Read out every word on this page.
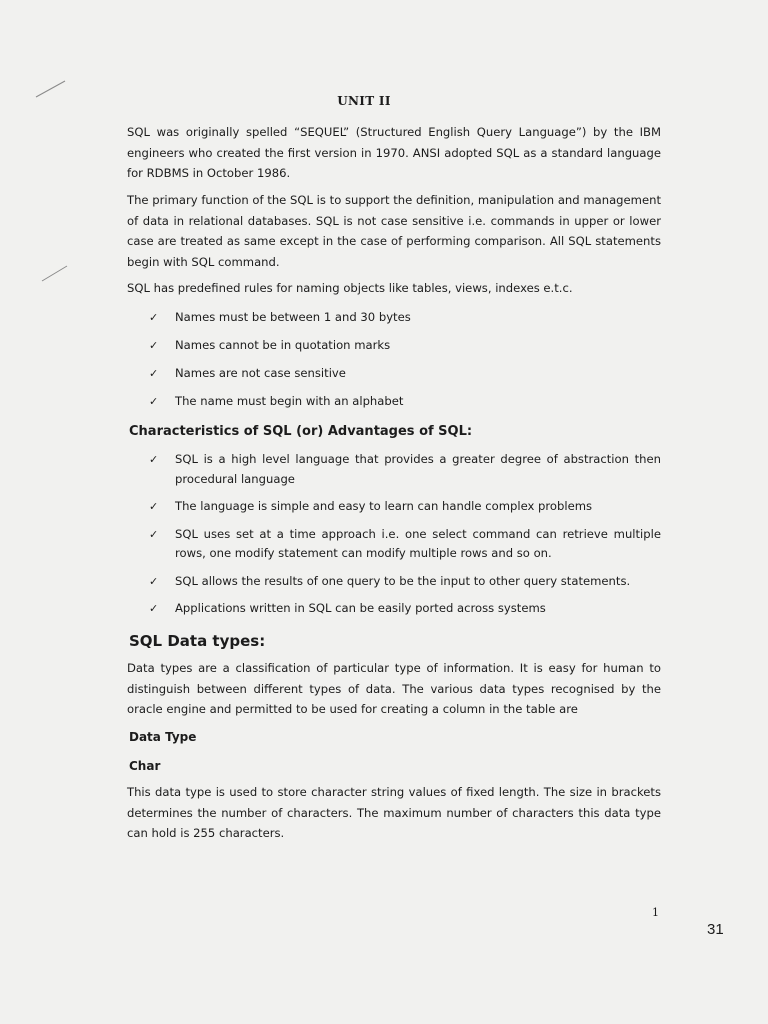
UNIT II

SQL was originally spelled “SEQUEL” (Structured English Query Language”) by the IBM engineers who created the first version in 1970. ANSI adopted SQL as a standard language for RDBMS in October 1986.

The primary function of the SQL is to support the definition, manipulation and management of data in relational databases. SQL is not case sensitive i.e. commands in upper or lower case are treated as same except in the case of performing comparison. All SQL statements begin with SQL command.

SQL has predefined rules for naming objects like tables, views, indexes e.t.c.

✓ Names must be between 1 and 30 bytes
✓ Names cannot be in quotation marks
✓ Names are not case sensitive
✓ The name must begin with an alphabet
Characteristics of SQL (or) Advantages of SQL:
✓ SQL is a high level language that provides a greater degree of abstraction then procedural language
✓ The language is simple and easy to learn can handle complex problems
✓ SQL uses set at a time approach i.e. one select command can retrieve multiple rows, one modify statement can modify multiple rows and so on.
✓ SQL allows the results of one query to be the input to other query statements.
✓ Applications written in SQL can be easily ported across systems
SQL Data types:

Data types are a classification of particular type of information. It is easy for human to distinguish between different types of data. The various data types recognised by the oracle engine and permitted to be used for creating a column in the table are

Data Type
Char

This data type is used to store character string values of fixed length. The size in brackets determines the number of characters. The maximum number of characters this data type can hold is 255 characters.

1
31
